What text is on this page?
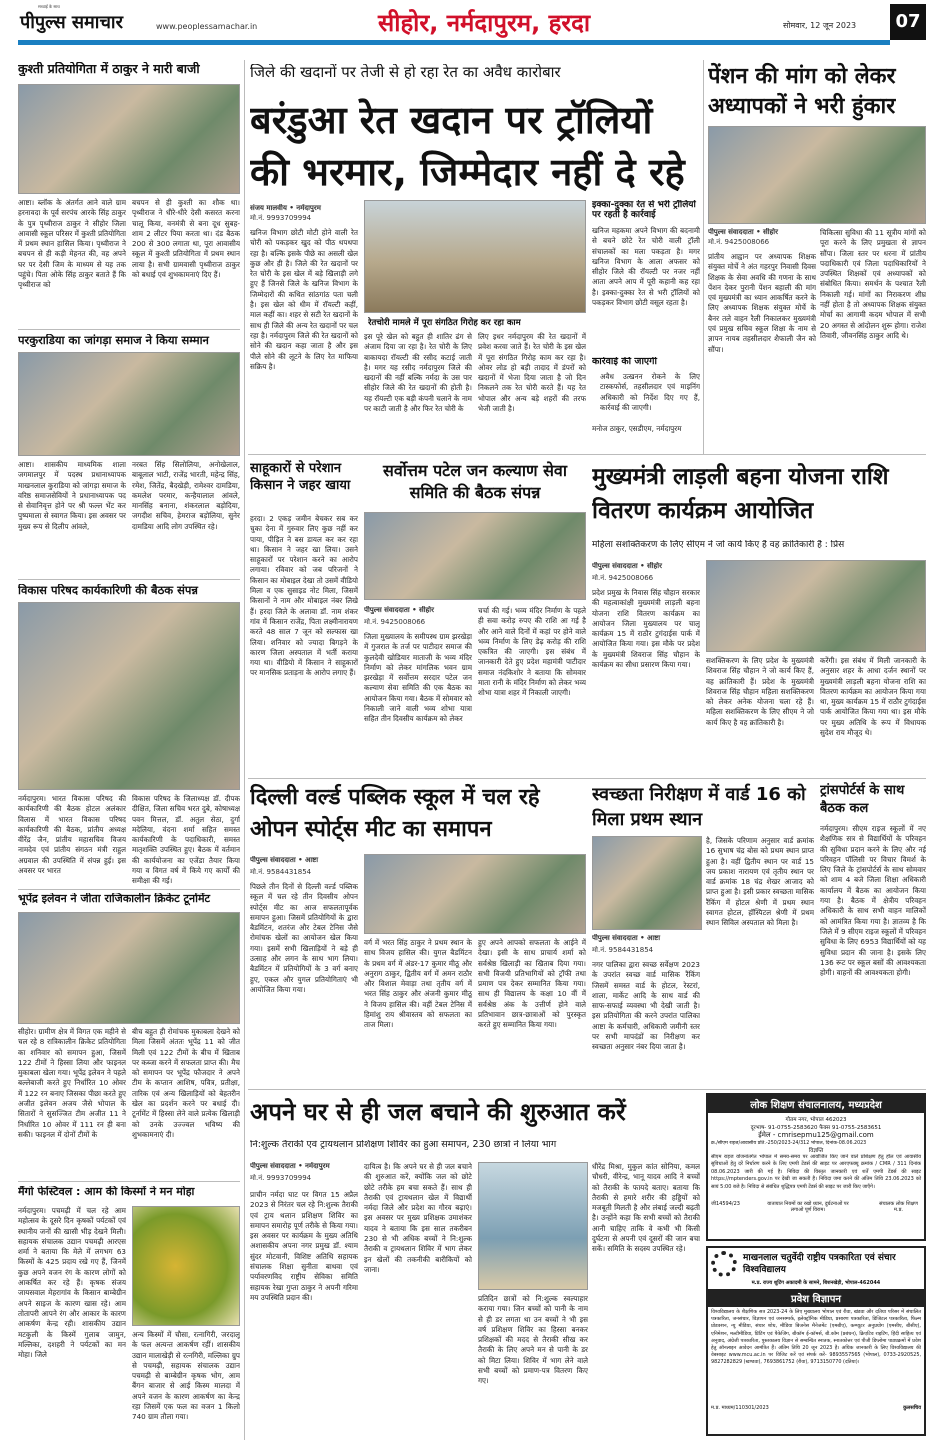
सच्चाई के साथ
पीपुल्स समाचार	www.peoplessamachar.in	सीहोर, नर्मदापुरम, हरदा	सोमवार, 12 जून 2023	07
कुश्ती प्रतियोगिता में ठाकुर ने मारी बाजी
आष्टा। ब्लॉक के अंतर्गत आने वाले ग्राम हरनावदा के पूर्व सरपंच आरके सिंह ठाकुर के पुत्र पृथ्वीराज ठाकुर ने सीहोर जिला आवासी स्कूल परिसर में कुश्ती प्रतियोगिता में प्रथम स्थान हासिल किया। पृथ्वीराज ने बचपन से ही कड़ी मेहनत की, वह अपने घर पर देसी जिम के माध्यम से यह तक पहुंचे। पिता ओके सिंह ठाकुर बताते हैं कि पृथ्वीराज को
बचपन से ही कुश्ती का शौक था। पृथ्वीराज ने धीरे-धीरे देसी कसरत करना चालू किया, वनमंत्री से बना दूध सुबह-शाम 2 लीटर पिया करता था। दंड बैठक 200 से 300 लगाता था, पूरा आवासीय स्कूल में कुश्ती प्रतियोगिता में प्रथम स्थान लाया है। सभी ग्रामवासी पृथ्वीराज ठाकुर को बधाई एवं शुभकामनाएं दिए हैं।
परकुराडिया का जांगड़ा समाज ने किया सम्मान
आष्टा। शासकीय माध्यमिक शाला जगमालपुर में पदस्थ प्रधानाध्यापक माखनलाल कुराडिया को जांगड़ा समाज के वरिष्ठ समाजसेवियों ने प्रधानाध्यापक पद से सेवानिवृत्त होने पर श्री फल्ल भेंट कर पुष्पमाला से स्वागत किया। इस अवसर पर मुख्य रूप से दिलीप आंवले,
नरबत सिंह सिलोलिया, अनोखेलाल, बाबूलाल भाटी, राजेंद्र भारती, महेन्द्र सिंह, रमेश, जितेंद्र, बैदखेड़ी, रामेश्वर दामडिया, कमलेश परमार, कन्हैयालाल आंवले, मानसिंह बनाना, शंकरलाल बड़ोदिया, जगदीश सचिव, हेमराज बड़ोलिया, सुनेर दामडिया आदि लोग उपस्थित रहे।
विकास परिषद कार्यकारिणी की बैठक संपन्न
नर्मदापुरम। भारत विकास परिषद की कार्यकारिणी की बैठक होटल अलंकार विलास में भारत विकास परिषद कार्यकारिणी की बैठक, प्रांतीय अध्यक्ष वीरेंद्र जैन, प्रांतीय महासचिव विजय नामदेव एवं प्रांतीय संगठन मंत्री राहुल अग्रवाल की उपस्थिति में संपन्न हुई। इस अवसर पर भारत
विकास परिषद के जिलाध्यक्ष डॉ. दीपक दीक्षित, जिला सचिव भरत दुबे, कोषाध्यक्ष पवन मित्तल, डॉ. अतुल सेठा, दुर्गा मदेलिया, वंदना शर्मा सहित समस्त कार्यकारिणी के पदाधिकारी, समस्त मातृशक्ति उपस्थित हुए। बैठक में वर्तमान की कार्ययोजना का एजेंडा तैयार किया गया व विगत वर्ष में किये गए कार्यों की समीक्षा की गई।
भूपेंद्र इलेवन ने जीता राजिकालीन क्रिकेट टूर्नामेंट
सीहोर। ग्रामीण क्षेत्र में विगत एक महीने से चल रहे 8 रात्रिकालीन क्रिकेट प्रतियोगिता का शनिवार को समापन हुआ, जिसमें 122 टीमों ने हिस्सा लिया और फाइनल मुकाबला खेला गया। भूपेंद्र इलेवन ने पहले बल्लेबाजी करते हुए निर्धारित 10 ओवर में 122 रन बनाए जिसका पीछा करते हुए अजीत इलेवन अजय जैसे भोपाल के सितारों ने सुसज्जित टीम अजीत 11 ने निर्धारित 10 ओवर में 111 रन ही बना सकी। फाइनल में दोनों टीमों के
बीच बहुत ही रोमांचक मुकाबला देखने को मिला जिसमें अंततः भूपेंद्र 11 को जीत मिली एवं 122 टीमों के बीच में खिताब पर कब्जा करने में सफलता प्राप्त की। मैच को समापन पर भूपेंद्र फौजदार ने अपने टीम के कप्तान आशिष, पवित्र, प्रतीक्षा, तारिक एवं अन्य खिलाड़ियों को बेहतरीन खेल का प्रदर्शन करने पर बधाई दी। टूर्नामेंट में हिस्सा लेने वाले प्रत्येक खिलाड़ी को उनके उज्ज्वल भविष्य की शुभकामनाएं दी।
मैंगो फेस्टिवल : आम की किस्मों ने मन मोहा
नर्मदापुरम। पचमढ़ी में चल रहे आम महोत्सव के दूसरे दिन कृषकों पर्यटकों एवं स्थानीय जनों की खासी भीड़ देखने मिली। सहायक संचालक उद्यान पचमढ़ी आरएस शर्मा ने बताया कि मेले में लगभग 63 किस्मों के 425 प्रदाय रखे गए हैं, जिनमें कुछ अपने वजन रंग के कारण लोगों को आकर्षित कर रहे हैं। कृषक संजय जायसवाल मेहरागांव के किसान बाम्बेग्रीन अपने साइज के कारण खास रहे। आम तोतापरी आपने रंग और आकार के कारण आकर्षण केन्द्र रही। शासकीय उद्यान मटकुली के किस्में गुलाब जामुन, मल्लिका, दशहरी ने पर्यटकों का मन मोहा। जिले
अन्य किस्मों में चौसा, रत्नागिरी, जरदालू के फल अत्यन्त आकर्षण रहीं। शासकीय उद्यान मालाखेड़ी से रत्नगिरी, मल्लिका ग्रुप से पचमढ़ी, सहायक संचालक उद्यान पचमढ़ी से बाम्बेग्रीन कृषक भोग, आम बैंगन बाजार से आई किस्म मालदा में अपने वजन के कारण आकर्षण का केन्द्र रहा जिसमें एक फल का वजन 1 किलो 740 ग्राम तौला गया।
जिले की खदानों पर तेजी से हो रहा रेत का अवैध कारोबार
बरंडुआ रेत खदान पर ट्रॉलियों की भरमार, जिम्मेदार नहीं दे रहे
संजय मालवीय • नर्मदापुरम
मो.नं. 9993709994
खनिज विभाग छोटी मोटी होने वाली रेत चोरी को पकड़कर खुद को पीठ थपथपा रहा है। बल्कि इसके पीछे का असली खेल कुछ और ही है। जिले की रेत खदानों पर रेत चोरी के इस खेल में बड़े खिलाड़ी लगे हुए हैं जिनसे जिले के खनिज विभाग के जिम्मेदारों की कथित सांठगांठ पता चली है। इस खेल को धीम में रॉयल्टी कहीं, माल कहीं का। शहर से सटी रेत खदानों के साथ ही जिले की अन्य रेत खदानों पर चल रहा है। नर्मदापुरम जिले की रेत खदानों को सोने की खदान कहा जाता है और इस पीले सोने की लूटने के लिए रेत माफिया सक्रिय है।
रेतचोरी मामले में पूरा संगठित गिरोह कर रहा काम
इस पूरे खेल को बहुत ही शातिर ढंग से अंजाम दिया जा रहा है। रेत चोरी के लिए बाकायदा रॉयल्टी की रसीद कटाई जाती है। मगर यह रसीद नर्मदापुरम जिले की खदानों की नहीं बल्कि नर्मदा के उस पार सीहोर जिले की रेत खदानों की होती है। यह रॉयल्टी एक बड़ी कंपनी चलाने के नाम पर काटी जाती है और फिर रेत चोरी के
लिए इधर नर्मदापुरम की रेत खदानों में प्रवेश करवा जाते हैं। रेत चोरी के इस खेल में पूरा संगठित गिरोह काम कर रहा है। ओवर लोड हो बड़ी तादाद में डंपरों को खदानों में भेजा दिया जाता है जो दिन निकलने तक रेत चोरी करते हैं। यह रेत भोपाल और अन्य बड़े शहरों की तरफ भेजी जाती है।
इक्का-दुक्का रेत से भरी ट्रॉलियों पर रहती है कार्रवाई
खनिज महकमा अपने विभाग की बदनामी से बचने छोटे रेत चोरी वाली ट्रॉली संचालकों का मला पकड़ता है। मगर खनिज विभाग के आला अफसर को सीहोर जिले की रॉयल्टी पर नजर नहीं आता अपने आप में पूरी कहानी कह रहा है। इक्का-दुक्का रेत से भरी ट्रॉलियों को पकड़कर विभाग छोटी वसूल रहता है।
कार्रवाई की जाएगी
अवैध उत्खनन रोकने के लिए टास्कफोर्स, तहसीलदार एवं माइनिंग अधिकारी को निर्देश दिए गए हैं, कार्रवाई की जाएगी।
मनोज ठाकुर, एसडीएम, नर्मदापुरम
पेंशन की मांग को लेकर अध्यापकों ने भरी हुंकार
पीपुल्स संवाददाता • सीहोर
मो.नं. 9425008066
प्रांतीय आह्वान पर अध्यापक शिक्षक संयुक्त मोर्चे ने अंत गहरपुर निवासी दिवस शिक्षक के सेवा अवधि की गणना के साथ पेंशन देकर पुरानी पेंशन बहाली की मांग एवं मुख्यमंत्री का ध्यान आकर्षित करने के लिए अध्यापक शिक्षक संयुक्त मोर्चे के बैनर तले वाहन रैली निकालकर मुख्यमंत्री एवं प्रमुख सचिव स्कूल शिक्षा के नाम से ज्ञापन नायब तहसीलदार शैफाली जैन को सौंपा।
चिकित्सा सुविधा की 11 सूत्रीय मांगों को पूरा करने के लिए प्रमुखता से ज्ञापन सौंपा। जिला स्तर पर धरना में प्रांतीय पदाधिकारी एवं जिला पदाधिकारियों ने उपस्थित शिक्षकों एवं अध्यापकों को संबोधित किया। समर्थन के पश्चात रैली निकाली गई। मांगों का निराकरण शीघ्र नहीं होता है तो अध्यापक शिक्षक संयुक्त मोर्चा का आगामी कदम भोपाल में सभी 20 अगस्त से आंदोलन शुरू होगा। राजेश तिवारी, जीवनसिंह ठाकुर आदि थे।
साहूकारों से परेशान किसान ने जहर खाया
हरदा। 2 एकड़ जमीन बेचकर सब कर चुका देना में गुरुवार लिए कुछ नहीं कर पाया, पीड़ित ने बस डायल कर कर रहा था। किसान ने जहर खा लिया। उसने साहूकारों पर परेशान करने का आरोप लगाया। रविवार को जब परिजनों ने किसान का मोबाइल देखा तो उसमें वीडियो मिला व एक सुसाइड नोट मिला, जिसमें किसानों ने नाम और मोबाइल नंबर लिखे हैं। हरदा जिले के अलावा डॉ. नाम शंकर गांव में किसान राजेंद्र, पिता लक्ष्मीनारायण करते 48 साल 7 जून को सल्फास खा लिया। शनिवार को ज्यादा बिगड़ने के कारण जिला अस्पताल में भर्ती कराया गया था। वीडियो में किसान ने साहूकारों पर मानसिक प्रताड़ना के आरोप लगाए हैं।
सर्वोत्तम पटेल जन कल्याण सेवा समिति की बैठक संपन्न
पीपुल्स संवाददाता • सीहोर
मो.नं. 9425008066
जिला मुख्यालय के समीपस्थ ग्राम झरखेड़ा में गुजरात के तर्ज पर पाटीदार समाज की कुलदेवी खोडियार माताजी के भव्य मंदिर निर्माण को लेकर मांगलिक भवन ग्राम झरखेड़ा में सर्वोत्तम सरदार पटेल जन कल्याण सेवा समिति की एक बैठक का आयोजन किया गया। बैठक में सोमवार को निकाली जाने वाली भव्य शोभा यात्रा सहित तीन दिवसीय कार्यक्रम को लेकर
चर्चा की गई। भव्य मंदिर निर्माण के पहले ही सवा करोड़ रुपए की राशि आ गई है और आने वाले दिनों में कहां पर होने वाले भव्य निर्माण के लिए डेढ़ करोड़ की राशि एकत्रित की जाएगी। इस संबंध में जानकारी देते हुए प्रदेश महामंत्री पाटीदार समाज नंदकिशोर ने बताया कि सोमवार माता रानी के मंदिर निर्माण को लेकर भव्य शोभा यात्रा शहर में निकाली जाएगी।
मुख्यमंत्री लाड़ली बहना योजना राशि वितरण कार्यक्रम आयोजित
महिला सशक्तिकरण के लिए सीएम ने जो कार्य किए है वह क्रांतिकारी है : प्रिंस
पीपुल्स संवाददाता • सीहोर
मो.नं. 9425008066
प्रदेश प्रमुख के निवास सिंह चौहान सरकार की महत्वाकांक्षी मुख्यमंत्री लाड़ली बहना योजना राशि वितरण कार्यक्रम का आयोजन जिला मुख्यालय पर चालू कार्यक्रम 15 में राठौर टुगंदाईस पार्क में आयोजित किया गया। इस मौके पर प्रदेश के मुख्यमंत्री शिवराज सिंह चौहान के कार्यक्रम का सीधा प्रसारण किया गया।	सशक्तिकरण के लिए प्रदेश के मुख्यमंत्री शिवराज सिंह चौहान ने जो कार्य किए हैं, वह क्रांतिकारी हैं। प्रदेश के मुख्यमंत्री शिवराज सिंह चौहान महिला सशक्तिकरण को लेकर अनेक योजना चला रहे हैं। महिला सशक्तिकरण के लिए सीएम ने जो कार्य किए है वह क्रांतिकारी है।
करेंगी। इस संबंध में मिली जानकारी के अनुसार शहर के आधा दर्जन स्थानों पर मुख्यमंत्री लाड़ली बहना योजना राशि का वितरण कार्यक्रम का आयोजन किया गया था, मुख्य कार्यक्रम 15 में राठौर टुगंदाईस पार्क आयोजित किया गया था। इस मौके पर मुख्य अतिथि के रूप में विधायक सुदेश राय मौजूद थे।
दिल्ली वर्ल्ड पब्लिक स्कूल में चल रहे ओपन स्पोर्ट्स मीट का समापन
पीपुल्स संवाददाता • आष्टा
मो.नं. 9584431854
पिछले तीन दिनों से दिल्ली वर्ल्ड पब्लिक स्कूल में चल रहे तीन दिवसीय ओपन स्पोर्ट्स मीट का आज सफलतापूर्वक समापन हुआ। जिसमें प्रतियोगियों के द्वारा बैडमिंटन, शतरंज और टेबल टेनिस जैसे रोमांचक खेलों का आयोजन खेल किया गया। इसमें सभी खिलाड़ियों ने बड़े ही उत्साह और लगन के साथ भाग लिया। बैडमिंटन में प्रतियोगियों के 3 वर्ग बनाए हुए, एकल और युगल प्रतियोगिताएं भी आयोजित किया गया।
वर्ग में भरत सिंह ठाकुर ने प्रथम स्थान के साथ विजय हासिल की। युगल बैडमिंटन के प्रथम वर्ग में अंडर-17 कुमार मीठू और अनुराग ठाकुर, द्वितीय वर्ग में अमन राठौर और विशाल मेवाड़ा तथा तृतीय वर्ग में भरत सिंह ठाकुर और अंजनी कुमार मीठू ने विजय हासिल की। वहीं टेबल टेनिस में हिमांशु राय श्रीवास्तव को सफलता का ताज मिला।
हुए अपने आपको सफलता के आईने में देखा। इसी के साथ प्राचार्य शर्मा को सर्वश्रेष्ठ खिलाड़ी का खिताब दिया गया। सभी विजयी प्रतिभागियों को ट्रॉफी तथा प्रमाण पत्र देकर सम्मानित किया गया। साथ ही विद्यालय के कक्षा 10 वीं में सर्वश्रेष्ठ अंक के उत्तीर्ण होने वाले प्रतिभावान छात्र-छात्राओं को पुरस्कृत करते हुए सम्मानित किया गया।
स्वच्छता निरीक्षण में वार्ड 16 को मिला प्रथम स्थान
पीपुल्स संवाददाता • आष्टा
मो.नं. 9584431854
नगर पालिका द्वारा स्वच्छ सर्वेक्षण 2023 के उपरांत स्वच्छ वार्ड मासिक रैंकिंग जिसमें समस्त वार्ड के होटल, रेस्टरां, शाला, मार्केट आदि के साथ वार्ड की साफ-सफाई व्यवस्था भी देखी जाती है। इस प्रतियोगिता की करने उपरांत पालिका आष्टा के कर्मचारी, अधिकारी जमीनी स्तर पर सभी मापदंडों का निरीक्षण कर स्वच्छता अनुसार नंबर दिया जाता है।
है, जिसके परिणाम अनुसार वार्ड क्रमांक 16 सुभाष चंद्र बोस को प्रथम स्थान प्राप्त हुआ है। वहीं द्वितीय स्थान पर वार्ड 15 जय प्रकाश नारायण एवं तृतीय स्थान पर वार्ड क्रमांक 18 चंद्र शेखर आजाद को प्राप्त हुआ है। इसी प्रकार स्वच्छता मासिक रैंकिंग में होटल श्रेणी में प्रथम स्थान स्वागत होटल, हॉस्पिटल श्रेणी में प्रथम स्थान सिविल अस्पताल को मिला है।
ट्रांसपोर्टर्स के साथ बैठक कल
नर्मदापुरम। सीएम राइज स्कूलों में नए शैक्षणिक सत्र से विद्यार्थियों के परिवहन की सुविधा प्रदान करने के लिए और नई परिवहन पॉलिसी पर विचार विमर्श के लिए जिले के ट्रांसपोर्टर्स के साथ सोमवार को शाम 4 बजे जिला शिक्षा अधिकारी कार्यालय में बैठक का आयोजन किया गया है। बैठक में क्षेत्रीय परिवहन अधिकारी के साथ सभी वाहन मालिकों को आमंत्रित किया गया है। ज्ञातव्य है कि जिले में 9 सीएम राइज स्कूलों में परिवहन सुविधा के लिए 6953 विद्यार्थियों को यह सुविधा प्रदान की जाना है। इसके लिए 136 रूट पर स्कूल बसों की आवश्यकता होगी। वाहनों की आवश्यकता होगी।
अपने घर से ही जल बचाने की शुरुआत करें
नि:शुल्क तैराकी एवं ट्रायथलान प्रशिक्षण शिविर का हुआ समापन, 230 छात्रों ने लिया भाग
पीपुल्स संवाददाता • नर्मदापुरम
मो.नं. 9993709994
प्राचीन नर्मदा घाट पर विगत 15 अप्रैल 2023 से निरंतर चल रहे नि:शुल्क तैराकी एवं ट्राय थलान प्रशिक्षण शिविर का समापन समारोह पूर्ण तरीके से किया गया। इस अवसर पर कार्यक्रम के मुख्य अतिथि अशासकीय अपना नगर प्रमुख डॉ. श्याम सुंदर मोटवानी, विशिष्ट अतिथि सहायक संचालक शिक्षा सुनीता बाथवा एवं पर्यावरणविद राष्ट्रीय सेविका समिति सहायक रेखा गुप्ता ठाकुर ने अपनी गरिमा मय उपस्थिति प्रदान की।
दायित्व है। कि अपने घर से ही जल बचाने की शुरुआत करें, क्योंकि जल को छोटे छोटे तरीके हम बचा सकते हैं। साथ ही तैराकी एवं ट्रायथलान खेल में विद्यार्थी नर्मदा जिले और प्रदेश का गौरव बढ़ाएं। इस अवसर पर मुख्य प्रशिक्षक उमाशंकर यादव ने बताया कि इस साल तकरीबन 230 से भी अधिक बच्चों ने नि:शुल्क तैराकी व ट्रायथलान शिविर में भाग लेकर इन खेलों की तकनीकी बारीकियों को जाना।
प्रतिदिन छात्रों को नि:शुल्क स्वल्पाहार कराया गया। जिन बच्चों को पानी के नाम से ही डर लगता था उन बच्चों ने भी इस वर्ष प्रशिक्षण शिविर का हिस्सा बनकर प्रशिक्षकों की मदद से तैराकी सीख कर तैराकी के लिए अपने मन से पानी के डर को मिटा लिया। शिविर में भाग लेने वाले सभी बच्चों को प्रमाण-पत्र वितरण किए गए।
धीरेंद्र मिश्रा, मुकुल कांत सोनिया, कमल चौधरी, वीरेन्द्र, भानू यादव आदि ने बच्चों को तैराकी के फायदे बताए। बताया कि तैराकी से हमारे शरीर की हड्डियों को मजबूती मिलती है और लंबाई जल्दी बढ़ती है। उन्होंने कहा कि सभी बच्चों को तैराकी आनी चाहिए ताकि वे कभी भी किसी दुर्घटना से अपनी एवं दूसरों की जान बचा सकें। समिति के सदस्य उपस्थित रहे।
लोक शिक्षण संचालनालय, मध्यप्रदेश
गौतम नगर, भोपाल 462023
दूरभाष- 91-0755-2583620 फैक्स 91-0755-2583651
ईमेल - cmrisepmu125@gmail.com
क्र./सीएम राइज/आवासीय प्रति.-250/2023-24/312 भोपाल, दिनांक-08.06.2023
विज्ञप्ति
सीएम राइज योजनांतर्गत भोपाल में समय-समय पर आयोजित किए जाने वाले प्रशिक्षण हेतु हॉल एवं आवासीय सुविधाओं हेतु दरें निर्धारण करने के लिए एमपी टेंडर्स की साइट पर आरएफक्यू क्रमांक / CMR / 311 दिनांक 08.06.2023 जारी की गई है। निविदा की विस्तृत जानकारी एवं शर्तें एमपी टेंडर्स की साइट https://mptenders.gov.in पर देखी जा सकती है। निविदा जमा करने की अंतिम तिथि 23.06.2023 को सायं 5:00 बजे है। निविदा से संबंधित शुद्धिपत्र एमपी टेंडर्स की साइट पर जारी किए जाएँगे।
जी14594/23	यातायात नियमों का रखो ध्यान, दुर्घटनाओं पर लगाओ पूर्ण विराम।
संचालक लोक शिक्षण म.प्र.
माखनलाल चतुर्वेदी राष्ट्रीय पत्रकारिता एवं संचार विश्वविद्यालय
म.प्र. राज्य शूटिंग अकादमी के सामने, बिशनखेड़ी, भोपाल-462044
प्रवेश विज्ञापन
विश्वविद्यालय के शैक्षणिक सत्र 2023-24 के लिए मुख्यालय भोपाल एवं रीवा, खंडवा और दतिया परिसर में संचालित पत्रकारिता, जनसंचार, विज्ञापन एवं जनसम्पर्क, इलेक्ट्रॉनिक मीडिया, प्रसारण पत्रकारिता, डिजिटल पत्रकारिता, फिल्म प्रोडक्शन, न्यू मीडिया, संचार शोध, मीडिया बिजनेस मैनेजमेंट (एमबीए), कम्प्यूटर अनुप्रयोग (एमसीए, बीसीए), एनिमेशन, मल्टीमीडिया, प्रिंटिंग एवं पैकेजिंग, बीकॉम ई-कॉमर्स, बी.कॉम (प्रबंधन), क्रिएटिव राइटिंग, हिंदी साहित्य एवं अनुवाद, अंग्रेजी पत्रकारिता, पुस्तकालय विज्ञान से सम्बन्धित स्नातक, स्नातकोत्तर एवं पीजी डिप्लोमा पाठ्यक्रमों में प्रवेश हेतु ऑनलाइन आवेदन आमंत्रित हैं। अंतिम तिथि 20 जून 2023 है। अधिक जानकारी के लिए विश्वविद्यालय की वेबसाइट www.mcu.ac.in पर विजिट करें एवं संपर्क करें- 9893557565 (भोपाल), 0733-2920525, 9827282829 (खण्डवा), 7693861752 (रीवा), 9713150770 (दतिया)।
म.प्र. माध्यम/110301/2023	कुलसचिव
